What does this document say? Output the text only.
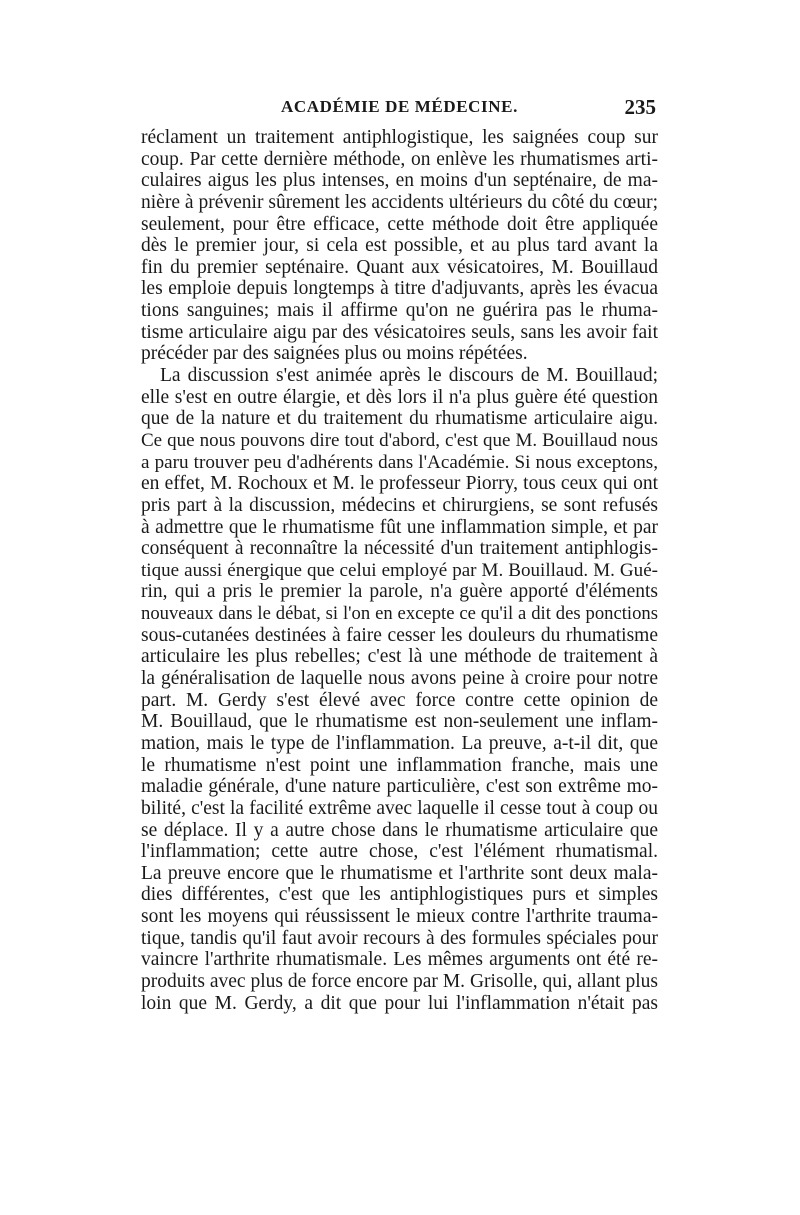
ACADÉMIE DE MÉDECINE.	235
réclament un traitement antiphlogistique, les saignées coup sur
coup. Par cette dernière méthode, on enlève les rhumatismes arti-
culaires aigus les plus intenses, en moins d'un septénaire, de ma-
nière à prévenir sûrement les accidents ultérieurs du côté du cœur;
seulement, pour être efficace, cette méthode doit être appliquée
dès le premier jour, si cela est possible, et au plus tard avant la
fin du premier septénaire. Quant aux vésicatoires, M. Bouillaud
les emploie depuis longtemps à titre d'adjuvants, après les évacua
tions sanguines; mais il affirme qu'on ne guérira pas le rhuma-
tisme articulaire aigu par des vésicatoires seuls, sans les avoir fait
précéder par des saignées plus ou moins répétées.
La discussion s'est animée après le discours de M. Bouillaud;
elle s'est en outre élargie, et dès lors il n'a plus guère été question
que de la nature et du traitement du rhumatisme articulaire aigu.
Ce que nous pouvons dire tout d'abord, c'est que M. Bouillaud nous
a paru trouver peu d'adhérents dans l'Académie. Si nous exceptons,
en effet, M. Rochoux et M. le professeur Piorry, tous ceux qui ont
pris part à la discussion, médecins et chirurgiens, se sont refusés
à admettre que le rhumatisme fût une inflammation simple, et par
conséquent à reconnaître la nécessité d'un traitement antiphlogis-
tique aussi énergique que celui employé par M. Bouillaud. M. Gué-
rin, qui a pris le premier la parole, n'a guère apporté d'éléments
nouveaux dans le débat, si l'on en excepte ce qu'il a dit des ponctions
sous-cutanées destinées à faire cesser les douleurs du rhumatisme
articulaire les plus rebelles; c'est là une méthode de traitement à
la généralisation de laquelle nous avons peine à croire pour notre
part. M. Gerdy s'est élevé avec force contre cette opinion de
M. Bouillaud, que le rhumatisme est non-seulement une inflam-
mation, mais le type de l'inflammation. La preuve, a-t-il dit, que
le rhumatisme n'est point une inflammation franche, mais une
maladie générale, d'une nature particulière, c'est son extrême mo-
bilité, c'est la facilité extrême avec laquelle il cesse tout à coup ou
se déplace. Il y a autre chose dans le rhumatisme articulaire que
l'inflammation; cette autre chose, c'est l'élément rhumatismal.
La preuve encore que le rhumatisme et l'arthrite sont deux mala-
dies différentes, c'est que les antiphlogistiques purs et simples
sont les moyens qui réussissent le mieux contre l'arthrite trauma-
tique, tandis qu'il faut avoir recours à des formules spéciales pour
vaincre l'arthrite rhumatismale. Les mêmes arguments ont été re-
produits avec plus de force encore par M. Grisolle, qui, allant plus
loin que M. Gerdy, a dit que pour lui l'inflammation n'était pas
